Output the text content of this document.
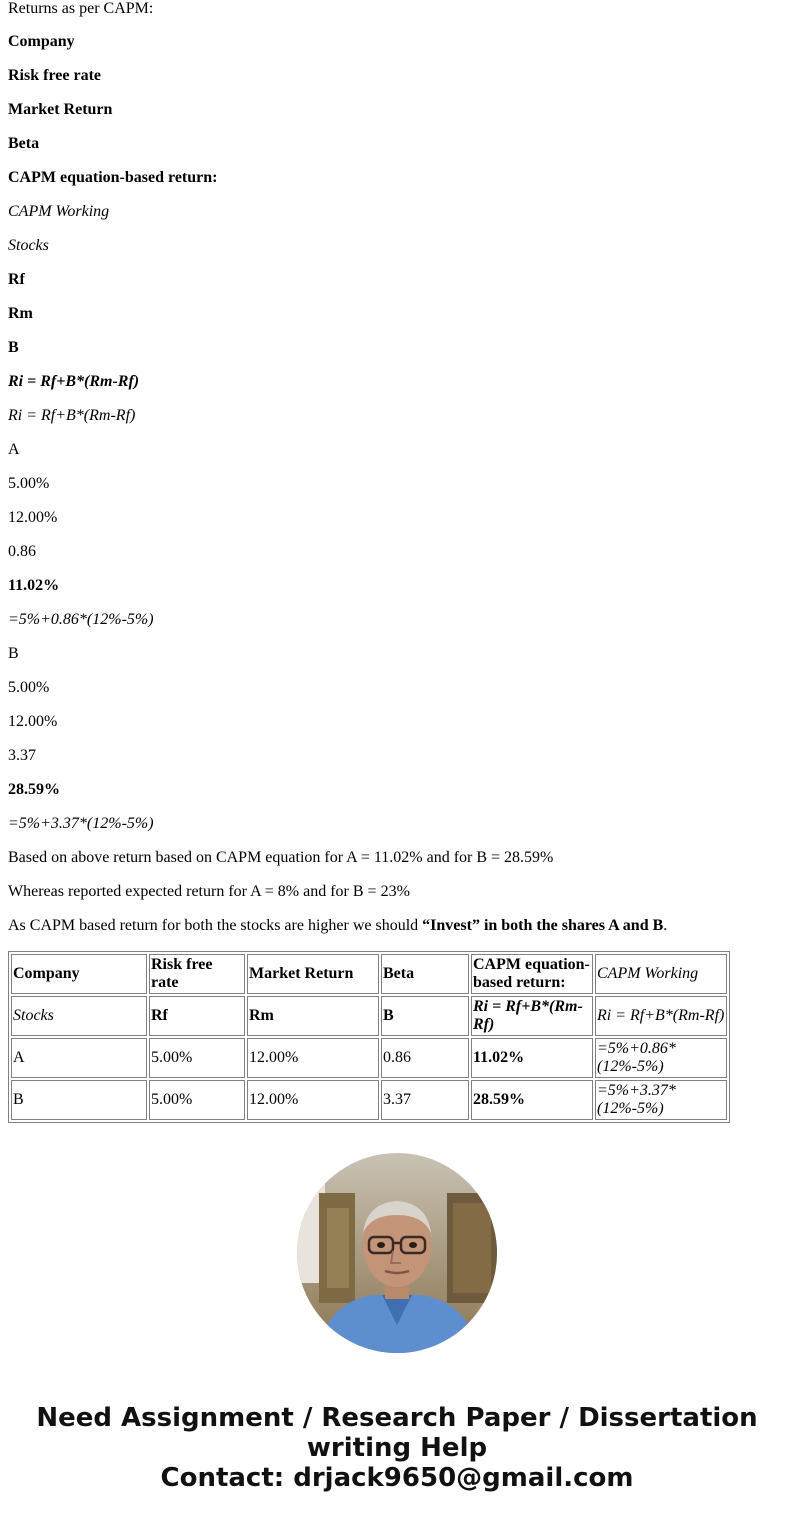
Returns as per CAPM:
Company
Risk free rate
Market Return
Beta
CAPM equation-based return:
CAPM Working
Stocks
Rf
Rm
B
Ri = Rf+B*(Rm-Rf)
Ri = Rf+B*(Rm-Rf)
A
5.00%
12.00%
0.86
11.02%
=5%+0.86*(12%-5%)
B
5.00%
12.00%
3.37
28.59%
=5%+3.37*(12%-5%)
Based on above return based on CAPM equation for A = 11.02% and for B = 28.59%
Whereas reported expected return for A = 8% and for B = 23%
As CAPM based return for both the stocks are higher we should “Invest” in both the shares A and B.
Company	Risk free rate	Market Return	Beta	CAPM equation-based return:	CAPM Working
Stocks	Rf	Rm	B	Ri = Rf+B*(Rm-Rf)	Ri = Rf+B*(Rm-Rf)
A	5.00%	12.00%	0.86	11.02%	=5%+0.86*
(12%-5%)
B	5.00%	12.00%	3.37	28.59%	=5%+3.37*
(12%-5%)
Need Assignment / Research Paper / Dissertation
writing Help
Contact: drjack9650@gmail.com
